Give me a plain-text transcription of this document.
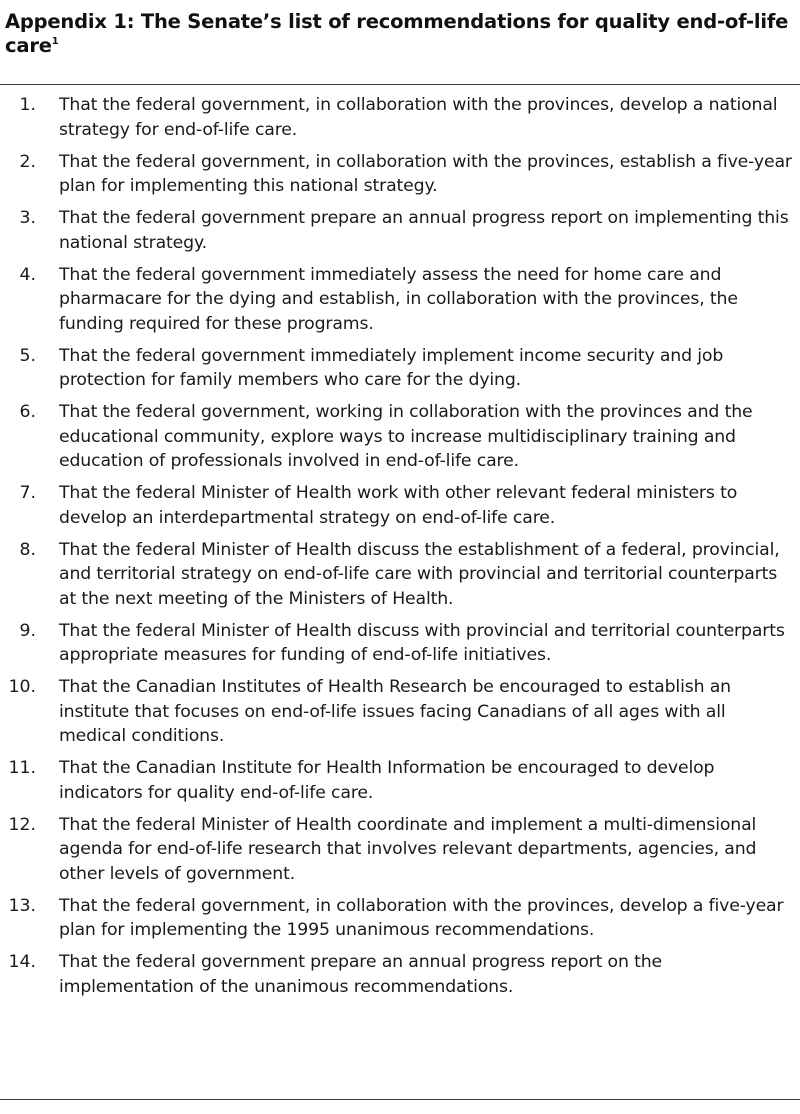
Appendix 1: The Senate’s list of recommendations for quality end-of-life care$^1$
1. That the federal government, in collaboration with the provinces, develop a national strategy for end-of-life care.
2. That the federal government, in collaboration with the provinces, establish a five-year plan for implementing this national strategy.
3. That the federal government prepare an annual progress report on implementing this national strategy.
4. That the federal government immediately assess the need for home care and pharmacare for the dying and establish, in collaboration with the provinces, the funding required for these programs.
5. That the federal government immediately implement income security and job protection for family members who care for the dying.
6. That the federal government, working in collaboration with the provinces and the educational community, explore ways to increase multidisciplinary training and education of professionals involved in end-of-life care.
7. That the federal Minister of Health work with other relevant federal ministers to develop an interdepartmental strategy on end-of-life care.
8. That the federal Minister of Health discuss the establishment of a federal, provincial, and territorial strategy on end-of-life care with provincial and territorial counterparts at the next meeting of the Ministers of Health.
9. That the federal Minister of Health discuss with provincial and territorial counterparts appropriate measures for funding of end-of-life initiatives.
10. That the Canadian Institutes of Health Research be encouraged to establish an institute that focuses on end-of-life issues facing Canadians of all ages with all medical conditions.
11. That the Canadian Institute for Health Information be encouraged to develop indicators for quality end-of-life care.
12. That the federal Minister of Health coordinate and implement a multi-dimensional agenda for end-of-life research that involves relevant departments, agencies, and other levels of government.
13. That the federal government, in collaboration with the provinces, develop a five-year plan for implementing the 1995 unanimous recommendations.
14. That the federal government prepare an annual progress report on the implementation of the unanimous recommendations.
